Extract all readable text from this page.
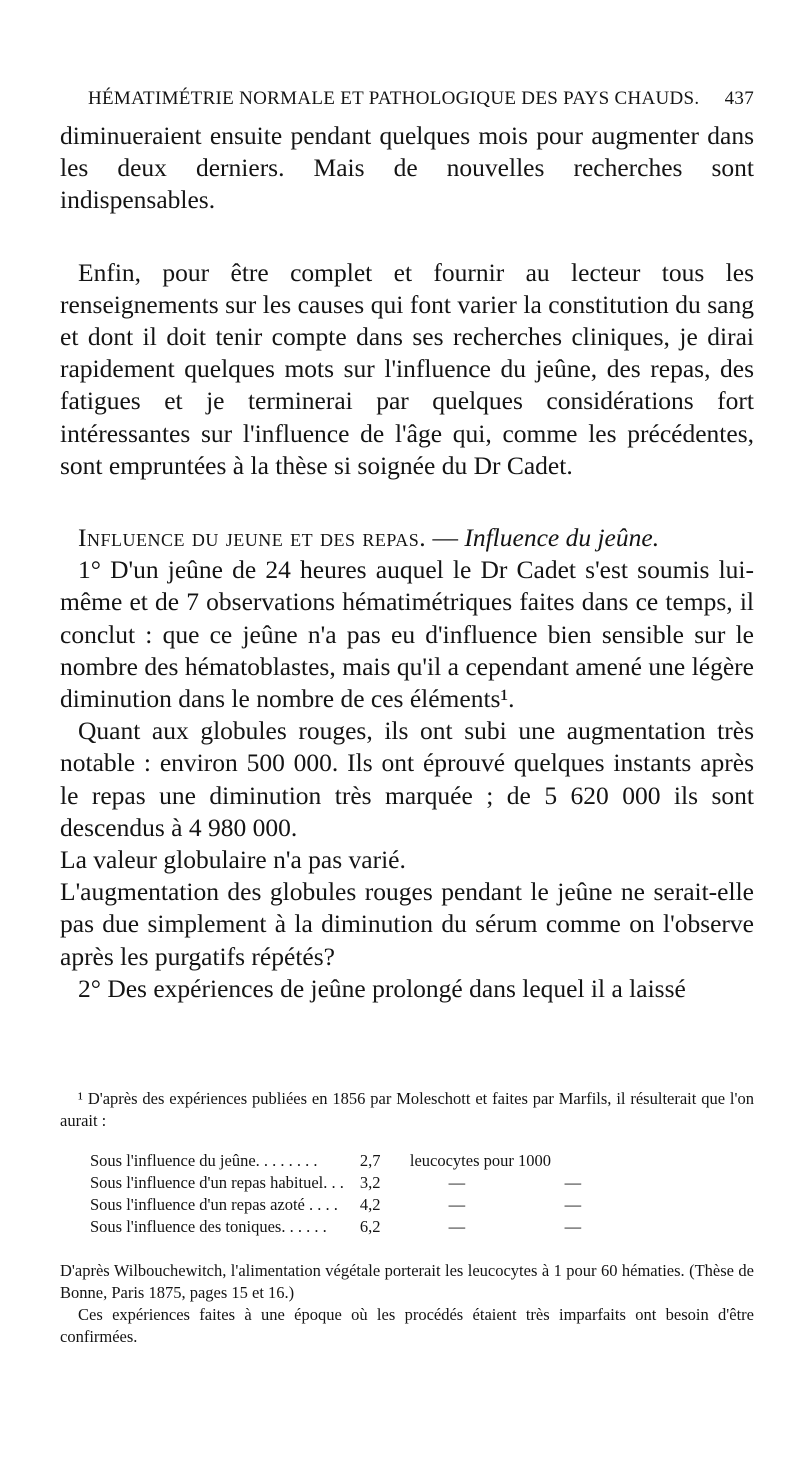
HÉMATIMÉTRIE NORMALE ET PATHOLOGIQUE DES PAYS CHAUDS. 437

diminueraient ensuite pendant quelques mois pour augmenter dans les deux derniers. Mais de nouvelles recherches sont indispensables.

Enfin, pour être complet et fournir au lecteur tous les renseignements sur les causes qui font varier la constitution du sang et dont il doit tenir compte dans ses recherches cliniques, je dirai rapidement quelques mots sur l'influence du jeûne, des repas, des fatigues et je terminerai par quelques considérations fort intéressantes sur l'influence de l'âge qui, comme les précédentes, sont empruntées à la thèse si soignée du Dr Cadet.

Influence du jeune et des repas. — Influence du jeûne.

1° D'un jeûne de 24 heures auquel le Dr Cadet s'est soumis lui-même et de 7 observations hématimétriques faites dans ce temps, il conclut : que ce jeûne n'a pas eu d'influence bien sensible sur le nombre des hématoblastes, mais qu'il a cependant amené une légère diminution dans le nombre de ces éléments¹.

Quant aux globules rouges, ils ont subi une augmentation très notable : environ 500 000. Ils ont éprouvé quelques instants après le repas une diminution très marquée ; de 5 620 000 ils sont descendus à 4 980 000.

La valeur globulaire n'a pas varié.

L'augmentation des globules rouges pendant le jeûne ne serait-elle pas due simplement à la diminution du sérum comme on l'observe après les purgatifs répétés?

2° Des expériences de jeûne prolongé dans lequel il a laissé

¹ D'après des expériences publiées en 1856 par Moleschott et faites par Marfils, il résulterait que l'on aurait :

Sous l'influence du jeûne. . . . . . . .	2,7	leucocytes pour 1000	
Sous l'influence d'un repas habituel. . .	3,2	—	—
Sous l'influence d'un repas azoté . . . .	4,2	—	—
Sous l'influence des toniques. . . . . .	6,2	—	—

D'après Wilbouchewitch, l'alimentation végétale porterait les leucocytes à 1 pour 60 hématies. (Thèse de Bonne, Paris 1875, pages 15 et 16.)

Ces expériences faites à une époque où les procédés étaient très imparfaits ont besoin d'être confirmées.
